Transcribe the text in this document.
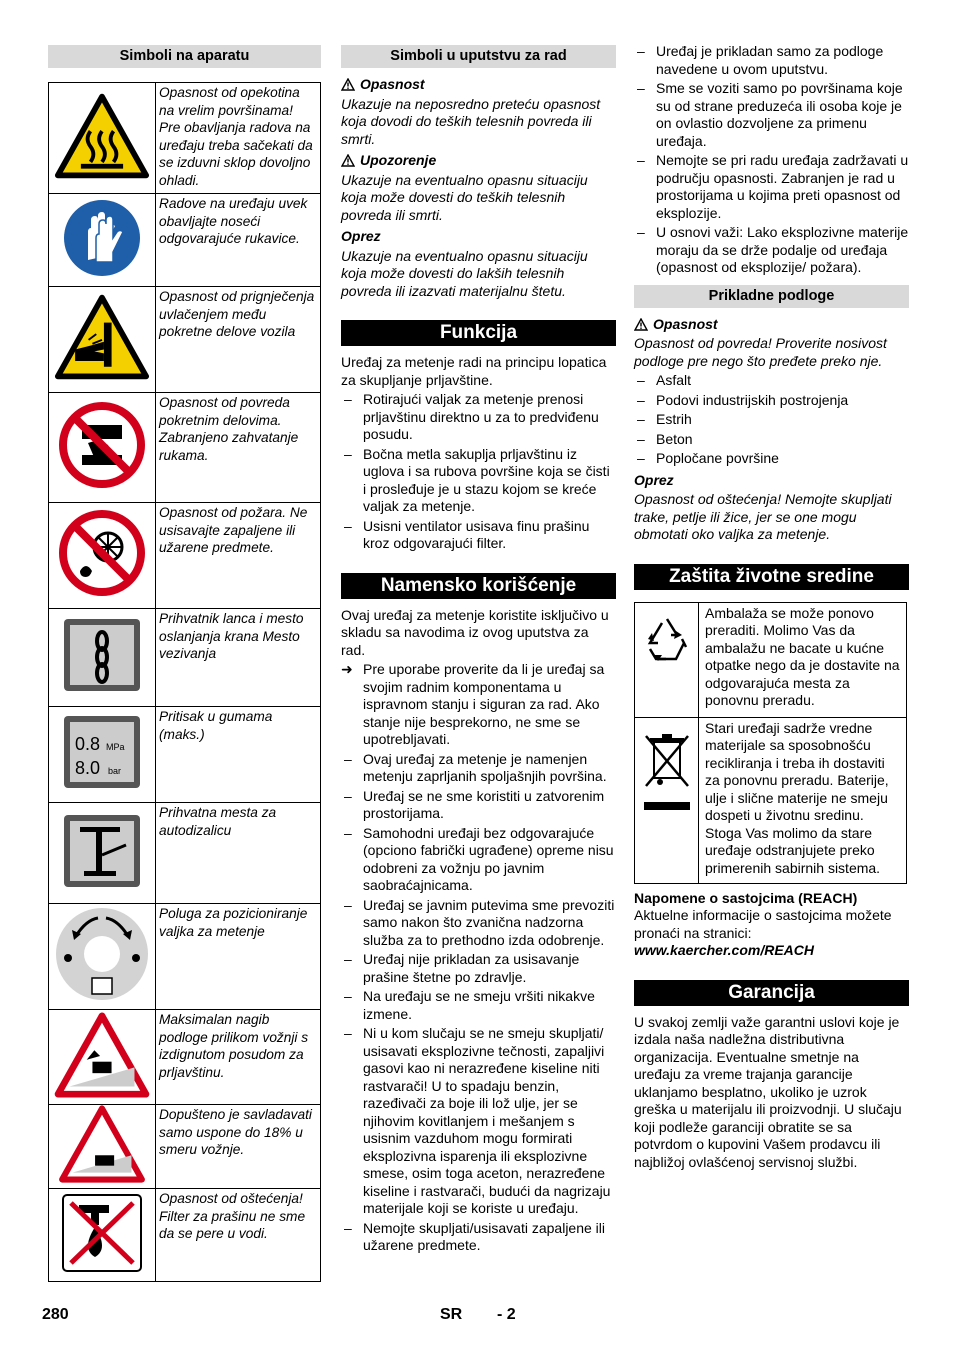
Simboli na aparatu
	Opasnost od opekotina na vrelim površinama! Pre obavljanja radova na uređaju treba sačekati da se izduvni sklop dovoljno ohladi.
	Radove na uređaju uvek obavljajte noseći odgovarajuće rukavice.
	Opasnost od prignječenja uvlačenjem među pokretne delove vozila
	Opasnost od povreda pokretnim delovima. Zabranjeno zahvatanje rukama.
	Opasnost od požara. Ne usisavajte zapaljene ili užarene predmete.
	Prihvatnik lanca i mesto oslanjanja krana Mesto vezivanja

0.8 MPa
8.0 bar	Pritisak u gumama (maks.)
	Prihvatna mesta za autodizalicu
	Poluga za pozicioniranje valjka za metenje
	Maksimalan nagib podloge prilikom vožnji s izdignutom posudom za prljavštinu.
	Dopušteno je savladavati samo uspone do 18% u smeru vožnje.
	Opasnost od oštećenja! Filter za prašinu ne sme da se pere u vodi.
Simboli u uputstvu za rad
Opasnost

Ukazuje na neposredno preteću opasnost koja dovodi do teških telesnih povreda ili smrti.

Upozorenje

Ukazuje na eventualno opasnu situaciju koja može dovesti do teških telesnih povreda ili smrti.

Oprez

Ukazuje na eventualno opasnu situaciju koja može dovesti do lakših telesnih povreda ili izazvati materijalnu štetu.

Funkcija

Uređaj za metenje radi na principu lopatica za skupljanje prljavštine.

– Rotirajući valjak za metenje prenosi prljavštinu direktno u za to predviđenu posudu.
– Bočna metla sakuplja prljavštinu iz uglova i sa rubova površine koja se čisti i prosleđuje je u stazu kojom se kreće valjak za metenje.
– Usisni ventilator usisava finu prašinu kroz odgovarajući filter.
Namensko korišćenje

Ovaj uređaj za metenje koristite isključivo u skladu sa navodima iz ovog uputstva za rad.

➜ Pre uporabe proverite da li je uređaj sa svojim radnim komponentama u ispravnom stanju i siguran za rad. Ako stanje nije besprekorno, ne sme se upotrebljavati.
– Ovaj uređaj za metenje je namenjen metenju zaprljanih spoljašnjih površina.
– Uređaj se ne sme koristiti u zatvorenim prostorijama.
– Samohodni uređaji bez odgovarajuće (opciono fabrički ugrađene) opreme nisu odobreni za vožnju po javnim saobraćajnicama.
– Uređaj se javnim putevima sme prevoziti samo nakon što zvanična nadzorna služba za to prethodno izda odobrenje.
– Uređaj nije prikladan za usisavanje prašine štetne po zdravlje.
– Na uređaju se ne smeju vršiti nikakve izmene.
– Ni u kom slučaju se ne smeju skupljati/ usisavati eksplozivne tečnosti, zapaljivi gasovi kao ni nerazređene kiseline niti rastvarači! U to spadaju benzin, razeđivači za boje ili lož ulje, jer se njihovim kovitlanjem i mešanjem s usisnim vazduhom mogu formirati eksplozivna isparenja ili eksplozivne smese, osim toga aceton, nerazređene kiseline i rastvarači, budući da nagrizaju materijale koji se koriste u uređaju.
– Nemojte skupljati/usisavati zapaljene ili užarene predmete.
– Uređaj je prikladan samo za podloge navedene u ovom uputstvu.
– Sme se voziti samo po površinama koje su od strane preduzeća ili osoba koje je on ovlastio dozvoljene za primenu uređaja.
– Nemojte se pri radu uređaja zadržavati u području opasnosti. Zabranjen je rad u prostorijama u kojima preti opasnost od eksplozije.
– U osnovi važi: Lako eksplozivne materije moraju da se drže podalje od uređaja (opasnost od eksplozije/ požara).
Prikladne podloge
Opasnost

Opasnost od povreda! Proverite nosivost podloge pre nego što pređete preko nje.

– Asfalt
– Podovi industrijskih postrojenja
– Estrih
– Beton
– Popločane površine

Oprez

Opasnost od oštećenja! Nemojte skupljati trake, petlje ili žice, jer se one mogu obmotati oko valjka za metenje.

Zaštita životne sredine
	Ambalaža se može ponovo preraditi. Molimo Vas da ambalažu ne bacate u kućne otpatke nego da je dostavite na odgovarajuća mesta za ponovnu preradu.
	Stari uređaji sadrže vredne materijale sa sposobnošću recikliranja i treba ih dostaviti za ponovnu preradu. Baterije, ulje i slične materije ne smeju dospeti u životnu sredinu. Stoga Vas molimo da stare uređaje odstranjujete preko primerenih sabirnih sistema.

Napomene o sastojcima (REACH)

Aktuelne informacije o sastojcima možete pronaći na stranici:

www.kaercher.com/REACH

Garancija

U svakoj zemlji važe garantni uslovi koje je izdala naša nadležna distributivna organizacija. Eventualne smetnje na uređaju za vreme trajanja garancije uklanjamo besplatno, ukoliko je uzrok greška u materijalu ili proizvodnji. U slučaju koji podleže garanciji obratite se sa potvrdom o kupovini Vašem prodavcu ili najbližoj ovlašćenoj servisnoj službi.

280	SR - 2
